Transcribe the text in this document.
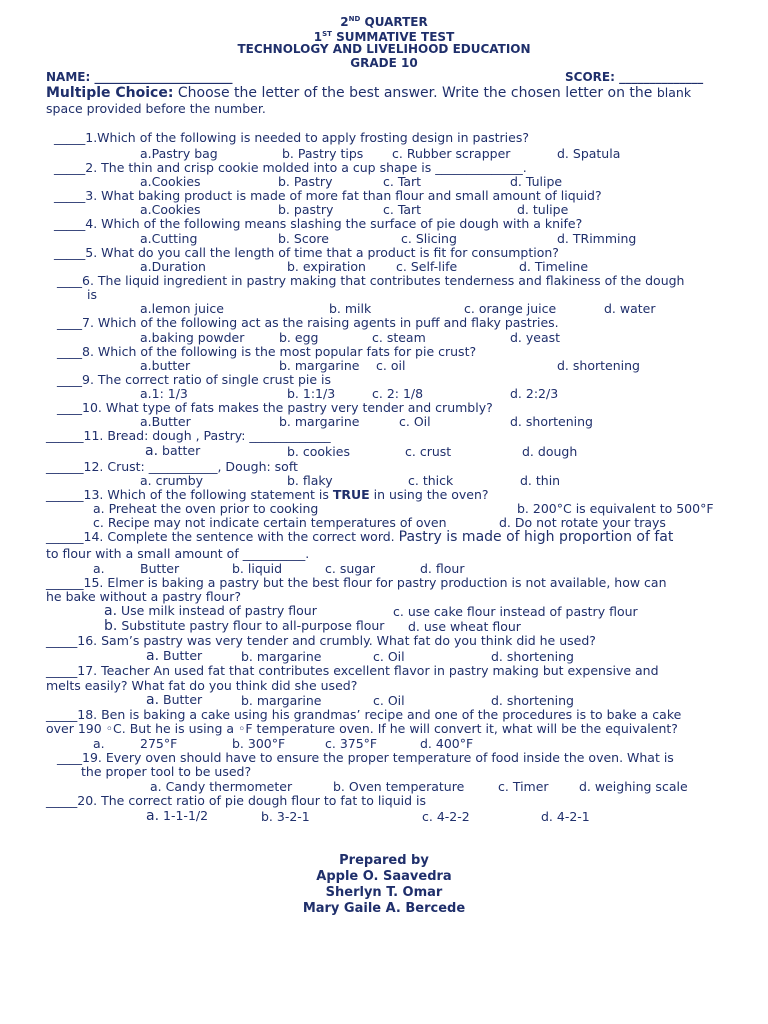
2ND QUARTER
1ST SUMMATIVE TEST
TECHNOLOGY AND LIVELIHOOD EDUCATION
GRADE 10
NAME: _______________________	SCORE: ______________
Multiple Choice: Choose the letter of the best answer. Write the chosen letter on the blank
space provided before the number.
_____1.Which of the following is needed to apply frosting design in pastries?
a.Pastry bag	b. Pastry tips c. Rubber scrapper	d. Spatula
_____2. The thin and crisp cookie molded into a cup shape is ______________.
a.Cookies	b. Pastry	c. Tart	d. Tulipe
_____3. What baking product is made of more fat than flour and small amount of liquid?
a.Cookies	b. pastry	c. Tart	d. tulipe
_____4. Which of the following means slashing the surface of pie dough with a knife?
a.Cutting	b. Score	c. Slicing	d. TRimming
_____5. What do you call the length of time that a product is fit for consumption?
a.Duration	b. expiration c. Self-life	d. Timeline
____6. The liquid ingredient in pastry making that contributes tenderness and flakiness of the dough
is
a.lemon juice	b. milk	c. orange juice	d. water
____7. Which of the following act as the raising agents in puff and flaky pastries.
a.baking powder	b. egg	c. steam	d. yeast
____8. Which of the following is the most popular fats for pie crust?
a.butter	b. margarine c. oil	d. shortening
____9. The correct ratio of single crust pie is
a.1: 1/3	b. 1:1/3	c. 2: 1/8	d. 2:2/3
____10. What type of fats makes the pastry very tender and crumbly?
a.Butter	b. margarine	c. Oil	d. shortening
______11. Bread: dough , Pastry: _____________
a. batter	b. cookies	c. crust	d. dough
______12. Crust: ___________, Dough: soft
a. crumby	b. flaky	c. thick	d. thin
______13. Which of the following statement is TRUE in using the oven?
a. Preheat the oven prior to cooking	b. 200°C is equivalent to 500°F
c. Recipe may not indicate certain temperatures of oven	d. Do not rotate your trays
______14. Complete the sentence with the correct word. Pastry is made of high proportion of fat
to flour with a small amount of __________.
a.	Butter	b. liquid	c. sugar	d. flour
______15. Elmer is baking a pastry but the best flour for pastry production is not available, how can
he bake without a pastry flour?
a. Use milk instead of pastry flour	c. use cake flour instead of pastry flour
b. Substitute pastry flour to all-purpose flour d. use wheat flour
_____16. Sam’s pastry was very tender and crumbly. What fat do you think did he used?
a. Butter	b. margarine	c. Oil	d. shortening
_____17. Teacher An used fat that contributes excellent flavor in pastry making but expensive and
melts easily? What fat do you think did she used?
a. Butter	b. margarine	c. Oil	d. shortening
_____18. Ben is baking a cake using his grandmas’ recipe and one of the procedures is to bake a cake
over 190 ◦C. But he is using a ◦F temperature oven. If he will convert it, what will be the equivalent?
a.	275°F	b. 300°F	c. 375°F	d. 400°F
____19. Every oven should have to ensure the proper temperature of food inside the oven. What is
the proper tool to be used?
a. Candy thermometer	b. Oven temperature	c. Timer d. weighing scale
_____20. The correct ratio of pie dough flour to fat to liquid is
a. 1-1-1/2	b. 3-2-1	c. 4-2-2	d. 4-2-1
Prepared by
Apple O. Saavedra
Sherlyn T. Omar
Mary Gaile A. Bercede
